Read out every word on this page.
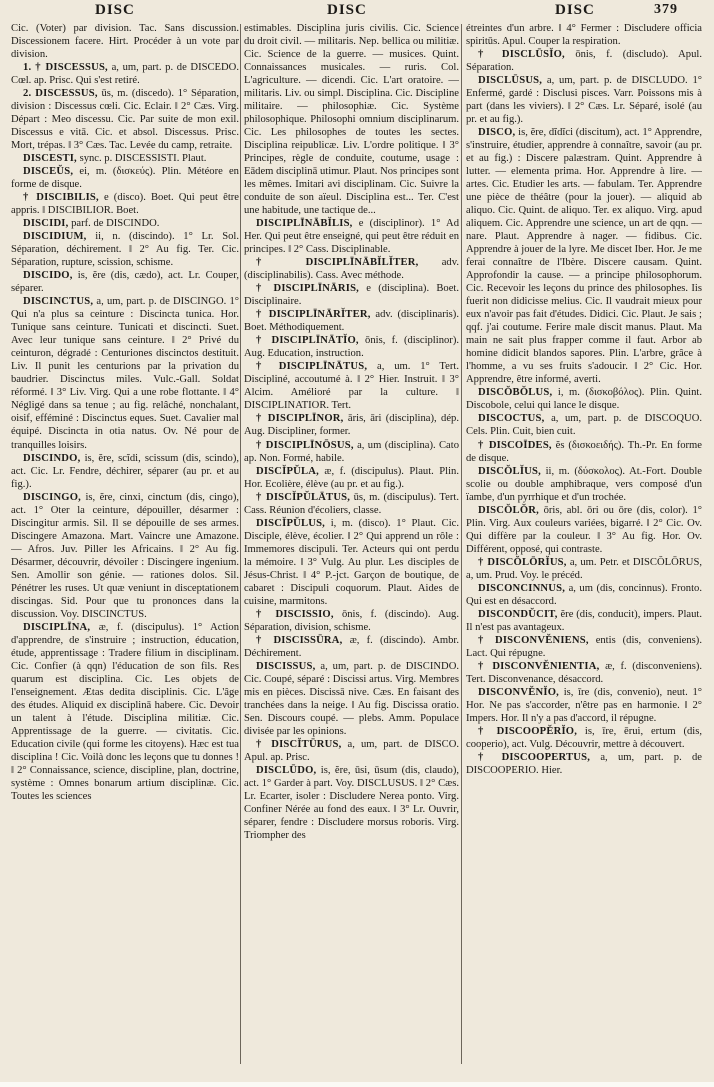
DISC	DISC	DISC	379

Cic. (Voter) par division. Tac. Sans discussion. Discessionem facere. Hirt. Procéder à un vote par division.

1. † DISCESSUS, a, um, part. p. de DISCEDO. Cœl. ap. Prisc. Qui s'est retiré.

2. DISCESSUS, ūs, m. (discedo). 1° Séparation, division : Discessus cœli. Cic. Eclair. ‖ 2° Cæs. Virg. Départ : Meo discessu. Cic. Par suite de mon exil. Discessus e vitā. Cic. et absol. Discessus. Prisc. Mort, trépas. ‖ 3° Cæs. Tac. Levée du camp, retraite.

DISCESTI, sync. p. DISCESSISTI. Plaut.

DISCEŬS, ei, m. (δισκεύς). Plin. Météore en forme de disque.

† DISCIBILIS, e (disco). Boet. Qui peut être appris. ‖ DISCIBILIOR. Boet.

DISCIDI, parf. de DISCINDO.

DISCIDIUM, ii, n. (discindo). 1° Lr. Sol. Séparation, déchirement. ‖ 2° Au fig. Ter. Cic. Séparation, rupture, scission, schisme.

DISCIDO, is, ĕre (dis, cædo), act. Lr. Couper, séparer.

DISCINCTUS, a, um, part. p. de DISCINGO. 1° Qui n'a plus sa ceinture : Discincta tunica. Hor. Tunique sans ceinture. Tunicati et discincti. Suet. Avec leur tunique sans ceinture. ‖ 2° Privé du ceinturon, dégradé : Centuriones discinctos destituit. Liv. Il punit les centurions par la privation du baudrier. Discinctus miles. Vulc.-Gall. Soldat réformé. ‖ 3° Liv. Virg. Qui a une robe flottante. ‖ 4° Négligé dans sa tenue ; au fig. relâché, nonchalant, oisif, efféminé : Discinctus eques. Suet. Cavalier mal équipé. Discincta in otia natus. Ov. Né pour de tranquilles loisirs.

DISCINDO, is, ĕre, scĭdi, scissum (dis, scindo), act. Cic. Lr. Fendre, déchirer, séparer (au pr. et au fig.).

DISCINGO, is, ĕre, cinxi, cinctum (dis, cingo), act. 1° Oter la ceinture, dépouiller, désarmer : Discingitur armis. Sil. Il se dépouille de ses armes. Discingere Amazona. Mart. Vaincre une Amazone. — Afros. Juv. Piller les Africains. ‖ 2° Au fig. Désarmer, découvrir, dévoiler : Discingere ingenium. Sen. Amollir son génie. — rationes dolos. Sil. Pénétrer les ruses. Ut quæ veniunt in disceptationem discingas. Sid. Pour que tu prononces dans la discussion. Voy. DISCINCTUS.

DISCIPLĪNA, æ, f. (discipulus). 1° Action d'apprendre, de s'instruire ; instruction, éducation, étude, apprentissage : Tradere filium in disciplinam. Cic. Confier (à qqn) l'éducation de son fils. Res quarum est disciplina. Cic. Les objets de l'enseignement. Ætas dedita disciplinis. Cic. L'âge des études. Aliquid ex disciplinā habere. Cic. Devoir un talent à l'étude. Disciplina militiæ. Cic. Apprentissage de la guerre. — civitatis. Cic. Education civile (qui forme les citoyens). Hæc est tua disciplina ! Cic. Voilà donc les leçons que tu donnes ! ‖ 2° Connaissance, science, discipline, plan, doctrine, système : Omnes bonarum artium disciplinæ. Cic. Toutes les sciences

estimables. Disciplina juris civilis. Cic. Science du droit civil. — militaris. Nep. bellica ou militiæ. Cic. Science de la guerre. — musices. Quint. Connaissances musicales. — ruris. Col. L'agriculture. — dicendi. Cic. L'art oratoire. — militaris. Liv. ou simpl. Disciplina. Cic. Discipline militaire. — philosophiæ. Cic. Système philosophique. Philosophi omnium disciplinarum. Cic. Les philosophes de toutes les sectes. Disciplina reipublicæ. Liv. L'ordre politique. ‖ 3° Principes, règle de conduite, coutume, usage : Eādem disciplinā utimur. Plaut. Nos principes sont les mêmes. Imitari avi disciplinam. Cic. Suivre la conduite de son aïeul. Disciplina est... Ter. C'est une habitude, une tactique de...

DISCIPLĪNĀBĬLIS, e (disciplinor). 1° Ad Her. Qui peut être enseigné, qui peut être réduit en principes. ‖ 2° Cass. Disciplinable.

† DISCIPLĪNĀBĬLĬTER, adv. (disciplinabilis). Cass. Avec méthode.

† DISCIPLĪNĀRIS, e (disciplina). Boet. Disciplinaire.

† DISCIPLĪNĀRĬTER, adv. (disciplinaris). Boet. Méthodiquement.

† DISCIPLĪNĀTĬO, ōnis, f. (disciplinor). Aug. Education, instruction.

† DISCIPLĪNĀTUS, a, um. 1° Tert. Discipliné, accoutumé à. ‖ 2° Hier. Instruit. ‖ 3° Alcim. Amélioré par la culture. ‖ DISCIPLINATIOR. Tert.

† DISCIPLĪNOR, āris, āri (disciplina), dép. Aug. Discipliner, former.

† DISCIPLĪNŌSUS, a, um (disciplina). Cato ap. Non. Formé, habile.

DISCĬPŬLA, æ, f. (discipulus). Plaut. Plin. Hor. Ecolière, élève (au pr. et au fig.).

† DISCĬPŬLĀTUS, ūs, m. (discipulus). Tert. Cass. Réunion d'écoliers, classe.

DISCĬPŬLUS, i, m. (disco). 1° Plaut. Cic. Disciple, élève, écolier. ‖ 2° Qui apprend un rôle : Immemores discipuli. Ter. Acteurs qui ont perdu la mémoire. ‖ 3° Vulg. Au plur. Les disciples de Jésus-Christ. ‖ 4° P.-jct. Garçon de boutique, de cabaret : Discipuli coquorum. Plaut. Aides de cuisine, marmitons.

† DISCISSIO, ōnis, f. (discindo). Aug. Séparation, division, schisme.

† DISCISSŪRA, æ, f. (discindo). Ambr. Déchirement.

DISCISSUS, a, um, part. p. de DISCINDO. Cic. Coupé, séparé : Discissi artus. Virg. Membres mis en pièces. Discissā nive. Cæs. En faisant des tranchées dans la neige. ‖ Au fig. Discissa oratio. Sen. Discours coupé. — plebs. Amm. Populace divisée par les opinions.

† DISCĬTŪRUS, a, um, part. de DISCO. Apul. ap. Prisc.

DISCLŪDO, is, ĕre, ūsi, ūsum (dis, claudo), act. 1° Garder à part. Voy. DISCLUSUS. ‖ 2° Cæs. Lr. Ecarter, isoler : Discludere Nerea ponto. Virg. Confiner Nérée au fond des eaux. ‖ 3° Lr. Ouvrir, séparer, fendre : Discludere morsus roboris. Virg. Triompher des

étreintes d'un arbre. ‖ 4° Fermer : Discludere officia spiritūs. Apul. Couper la respiration.

† DISCLŪSĬO, ōnis, f. (discludo). Apul. Séparation.

DISCLŪSUS, a, um, part. p. de DISCLUDO. 1° Enfermé, gardé : Disclusi pisces. Varr. Poissons mis à part (dans les viviers). ‖ 2° Cæs. Lr. Séparé, isolé (au pr. et au fig.).

DISCO, is, ĕre, dĭdĭci (discitum), act. 1° Apprendre, s'instruire, étudier, apprendre à connaître, savoir (au pr. et au fig.) : Discere palæstram. Quint. Apprendre à lutter. — elementa prima. Hor. Apprendre à lire. — artes. Cic. Etudier les arts. — fabulam. Ter. Apprendre une pièce de théâtre (pour la jouer). — aliquid ab aliquo. Cic. Quint. de aliquo. Ter. ex aliquo. Virg. apud aliquem. Cic. Apprendre une science, un art de qqn. — nare. Plaut. Apprendre à nager. — fidibus. Cic. Apprendre à jouer de la lyre. Me discet Iber. Hor. Je me ferai connaître de l'Ibère. Discere causam. Quint. Approfondir la cause. — a principe philosophorum. Cic. Recevoir les leçons du prince des philosophes. Iis fuerit non didicisse melius. Cic. Il vaudrait mieux pour eux n'avoir pas fait d'études. Didici. Cic. Plaut. Je sais ; qqf. j'ai coutume. Ferire male discit manus. Plaut. Ma main ne sait plus frapper comme il faut. Arbor ab homine didicit blandos sapores. Plin. L'arbre, grâce à l'homme, a vu ses fruits s'adoucir. ‖ 2° Cic. Hor. Apprendre, être informé, averti.

DISCŎBŎLUS, i, m. (δισκοβόλος). Plin. Quint. Discobole, celui qui lance le disque.

DISCOCTUS, a, um, part. p. de DISCOQUO. Cels. Plin. Cuit, bien cuit.

† DISCOĪDES, ĕs (δισκοειδής). Th.-Pr. En forme de disque.

DISCŎLĬUS, ii, m. (δύσκολος). At.-Fort. Double scolie ou double amphibraque, vers composé d'un ïambe, d'un pyrrhique et d'un trochée.

DISCŎLŎR, ōris, abl. ōri ou ōre (dis, color). 1° Plin. Virg. Aux couleurs variées, bigarré. ‖ 2° Cic. Ov. Qui diffère par la couleur. ‖ 3° Au fig. Hor. Ov. Différent, opposé, qui contraste.

† DISCŎLŌRĬUS, a, um. Petr. et DISCŎLŌRUS, a, um. Prud. Voy. le précéd.

DISCONCINNUS, a, um (dis, concinnus). Fronto. Qui est en désaccord.

DISCONDŬCIT, ĕre (dis, conducit), impers. Plaut. Il n'est pas avantageux.

† DISCONVĔNIENS, entis (dis, conveniens). Lact. Qui répugne.

† DISCONVĔNIENTIA, æ, f. (disconveniens). Tert. Disconvenance, désaccord.

DISCONVĔNĬO, is, īre (dis, convenio), neut. 1° Hor. Ne pas s'accorder, n'être pas en harmonie. ‖ 2° Impers. Hor. Il n'y a pas d'accord, il répugne.

† DISCOOPĔRĬO, is, īre, ērui, ertum (dis, cooperio), act. Vulg. Découvrir, mettre à découvert.

† DISCOOPERTUS, a, um, part. p. de DISCOOPERIO. Hier.
